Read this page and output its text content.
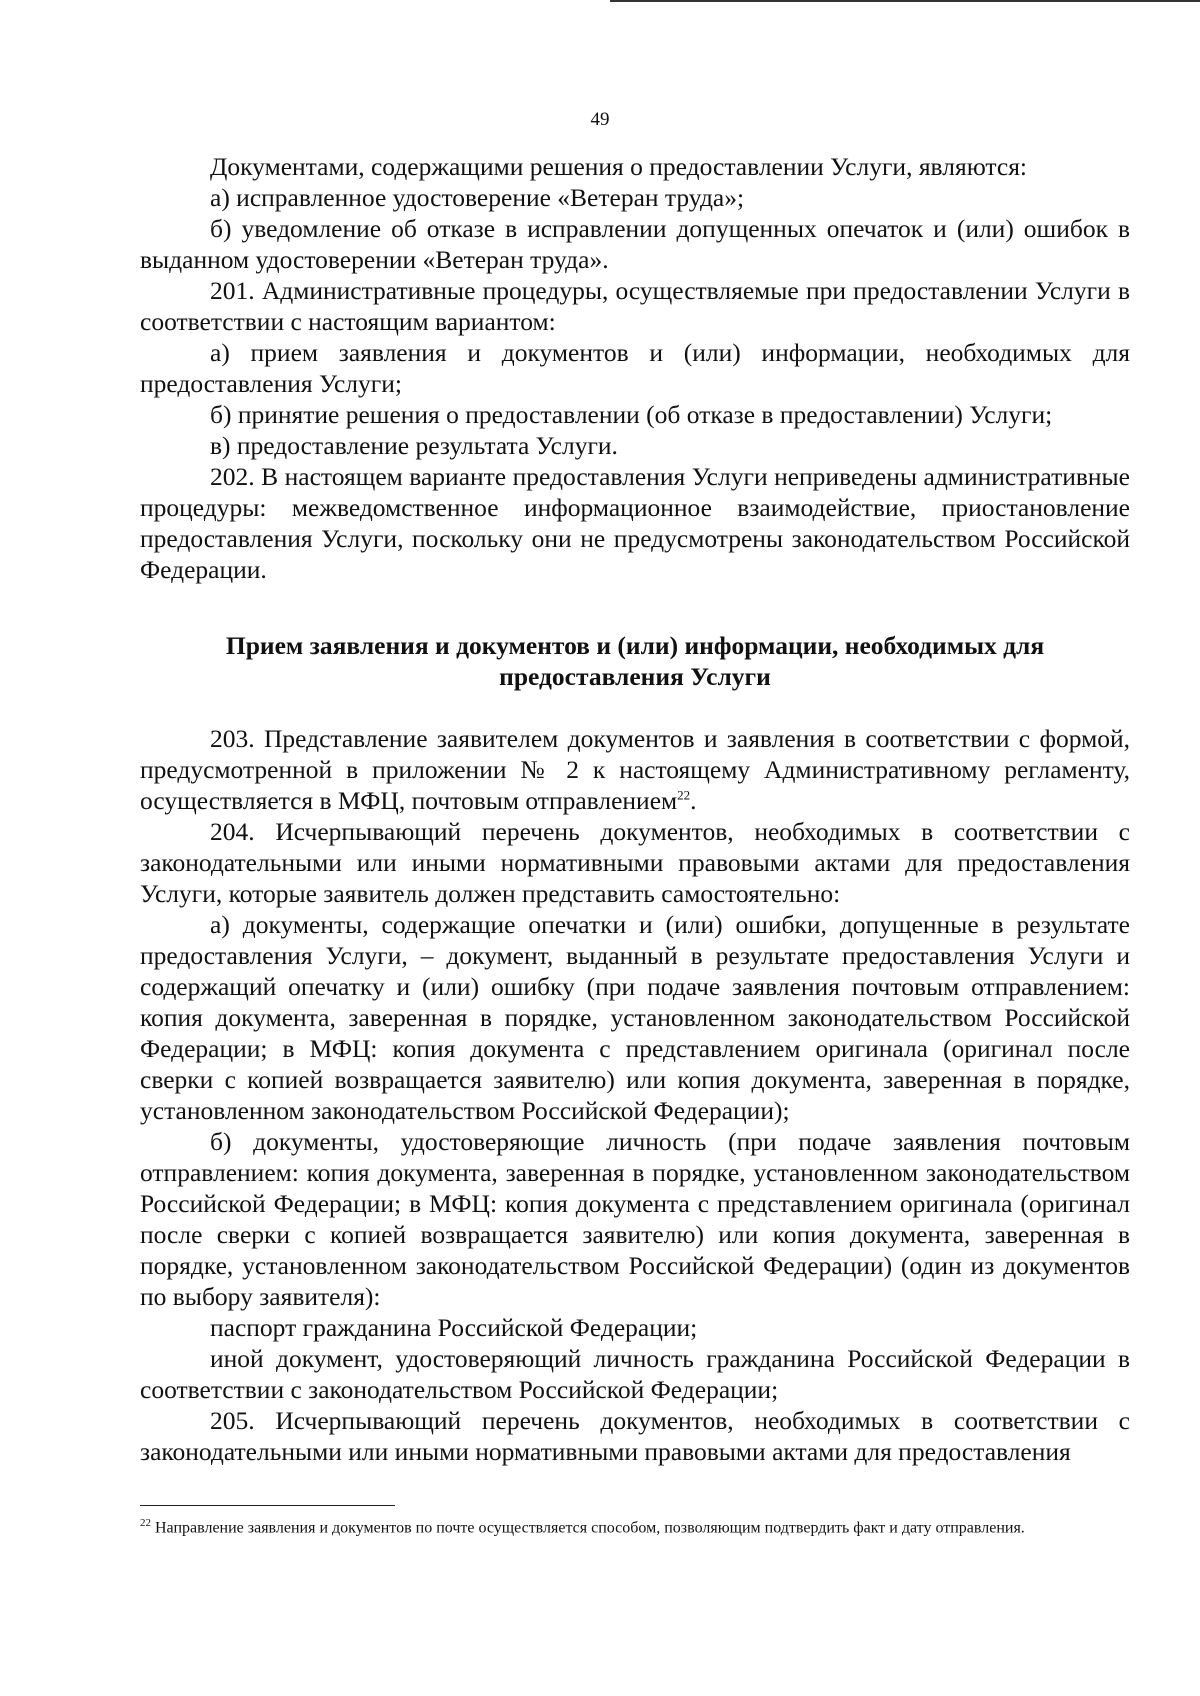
49

Документами, содержащими решения о предоставлении Услуги, являются:

а) исправленное удостоверение «Ветеран труда»;

б) уведомление об отказе в исправлении допущенных опечаток и (или) ошибок в выданном удостоверении «Ветеран труда».

201. Административные процедуры, осуществляемые при предоставлении Услуги в соответствии с настоящим вариантом:

а) прием заявления и документов и (или) информации, необходимых для предоставления Услуги;

б) принятие решения о предоставлении (об отказе в предоставлении) Услуги;

в) предоставление результата Услуги.

202. В настоящем варианте предоставления Услуги неприведены административные процедуры: межведомственное информационное взаимодействие, приостановление предоставления Услуги, поскольку они не предусмотрены законодательством Российской Федерации.

Прием заявления и документов и (или) информации, необходимых для

предоставления Услуги

203. Представление заявителем документов и заявления в соответствии с формой, предусмотренной в приложении № 2 к настоящему Административному регламенту, осуществляется в МФЦ, почтовым отправлением$^{22}$.

204. Исчерпывающий перечень документов, необходимых в соответствии с законодательными или иными нормативными правовыми актами для предоставления Услуги, которые заявитель должен представить самостоятельно:

а) документы, содержащие опечатки и (или) ошибки, допущенные в результате предоставления Услуги, – документ, выданный в результате предоставления Услуги и содержащий опечатку и (или) ошибку (при подаче заявления почтовым отправлением: копия документа, заверенная в порядке, установленном законодательством Российской Федерации; в МФЦ: копия документа с представлением оригинала (оригинал после сверки с копией возвращается заявителю) или копия документа, заверенная в порядке, установленном законодательством Российской Федерации);

б) документы, удостоверяющие личность (при подаче заявления почтовым отправлением: копия документа, заверенная в порядке, установленном законодательством Российской Федерации; в МФЦ: копия документа с представлением оригинала (оригинал после сверки с копией возвращается заявителю) или копия документа, заверенная в порядке, установленном законодательством Российской Федерации) (один из документов по выбору заявителя):

паспорт гражданина Российской Федерации;

иной документ, удостоверяющий личность гражданина Российской Федерации в соответствии с законодательством Российской Федерации;

205. Исчерпывающий перечень документов, необходимых в соответствии с законодательными или иными нормативными правовыми актами для предоставления

$^{22}$ Направление заявления и документов по почте осуществляется способом, позволяющим подтвердить факт и дату отправления.
